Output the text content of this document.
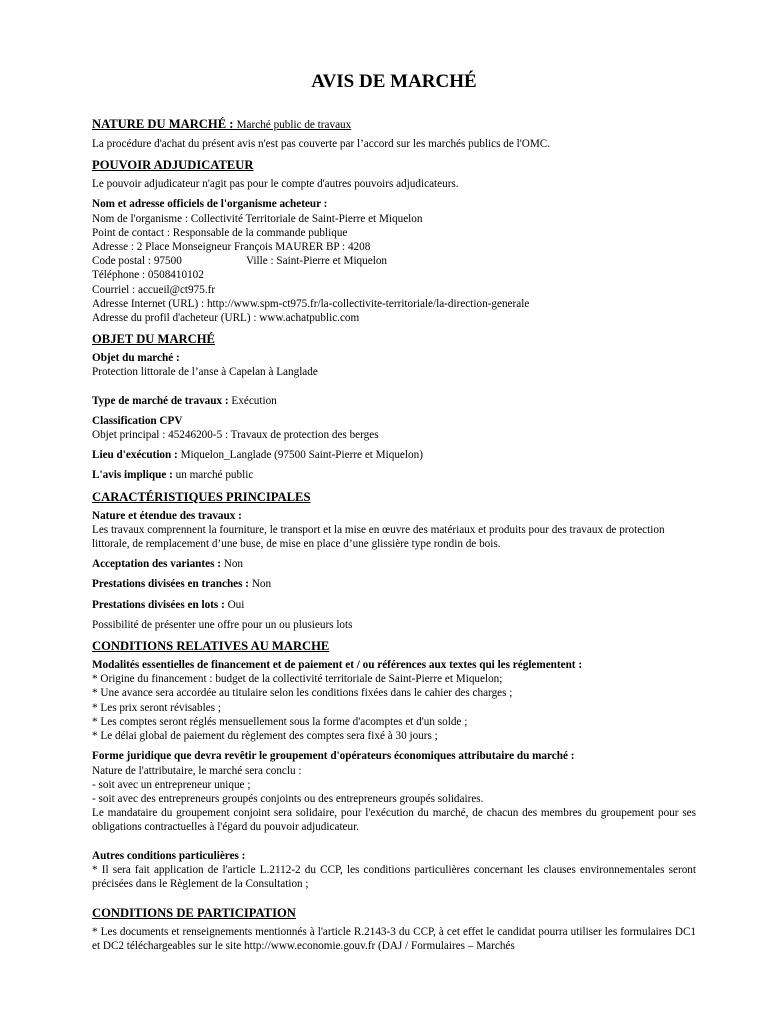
AVIS DE MARCHÉ
NATURE DU MARCHÉ : Marché public de travaux

La procédure d'achat du présent avis n'est pas couverte par l’accord sur les marchés publics de l'OMC.

POUVOIR ADJUDICATEUR

Le pouvoir adjudicateur n'agit pas pour le compte d'autres pouvoirs adjudicateurs.

Nom et adresse officiels de l'organisme acheteur :

Nom de l'organisme : Collectivité Territoriale de Saint-Pierre et Miquelon

Point de contact : Responsable de la commande publique

Adresse : 2 Place Monseigneur François MAURER BP : 4208

Code postal : 97500	Ville : Saint-Pierre et Miquelon

Téléphone : 0508410102

Courriel : accueil@ct975.fr

Adresse Internet (URL) : http://www.spm-ct975.fr/la-collectivite-territoriale/la-direction-generale

Adresse du profil d'acheteur (URL) : www.achatpublic.com

OBJET DU MARCHÉ

Objet du marché :

Protection littorale de l’anse à Capelan à Langlade

Type de marché de travaux : Exécution

Classification CPV

Objet principal : 45246200-5 : Travaux de protection des berges

Lieu d'exécution : Miquelon_Langlade (97500 Saint-Pierre et Miquelon)

L'avis implique : un marché public

CARACTÉRISTIQUES PRINCIPALES

Nature et étendue des travaux :

Les travaux comprennent la fourniture, le transport et la mise en œuvre des matériaux et produits pour des travaux de protection littorale, de remplacement d’une buse, de mise en place d’une glissière type rondin de bois.

Acceptation des variantes : Non

Prestations divisées en tranches : Non

Prestations divisées en lots : Oui

Possibilité de présenter une offre pour un ou plusieurs lots

CONDITIONS RELATIVES AU MARCHE

Modalités essentielles de financement et de paiement et / ou références aux textes qui les réglementent :

* Origine du financement : budget de la collectivité territoriale de Saint-Pierre et Miquelon;

* Une avance sera accordée au titulaire selon les conditions fixées dans le cahier des charges ;

* Les prix seront révisables ;

* Les comptes seront réglés mensuellement sous la forme d'acomptes et d'un solde ;

* Le délai global de paiement du règlement des comptes sera fixé à 30 jours ;

Forme juridique que devra revêtir le groupement d'opérateurs économiques attributaire du marché :

Nature de l'attributaire, le marché sera conclu :

- soit avec un entrepreneur unique ;

- soit avec des entrepreneurs groupés conjoints ou des entrepreneurs groupés solidaires.

Le mandataire du groupement conjoint sera solidaire, pour l'exécution du marché, de chacun des membres du groupement pour ses obligations contractuelles à l'égard du pouvoir adjudicateur.

Autres conditions particulières :

* Il sera fait application de l'article L.2112-2 du CCP, les conditions particulières concernant les clauses environnementales seront précisées dans le Règlement de la Consultation ;

CONDITIONS DE PARTICIPATION

* Les documents et renseignements mentionnés à l'article R.2143-3 du CCP, à cet effet le candidat pourra utiliser les formulaires DC1 et DC2 téléchargeables sur le site http://www.economie.gouv.fr (DAJ / Formulaires – Marchés
